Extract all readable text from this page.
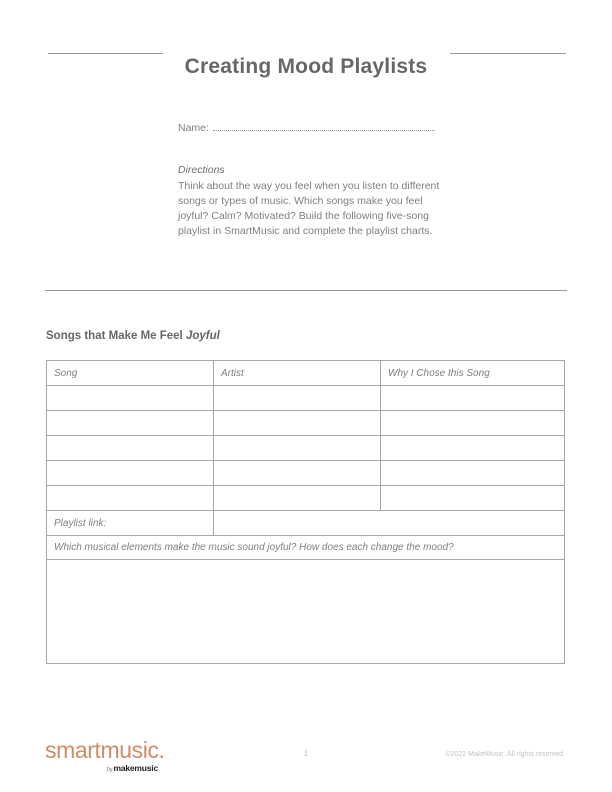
Creating Mood Playlists
Name:

Directions

Think about the way you feel when you listen to different songs or types of music. Which songs make you feel joyful? Calm? Motivated? Build the following five-song playlist in SmartMusic and complete the playlist charts.

Songs that Make Me Feel Joyful
Song	Artist	Why I Chose this Song

Playlist link:		
Which musical elements make the music sound joyful? How does each change the mood?		

smartmusic.
bymakemusic
1	©2022 MakeMusic. All rights reserved.
